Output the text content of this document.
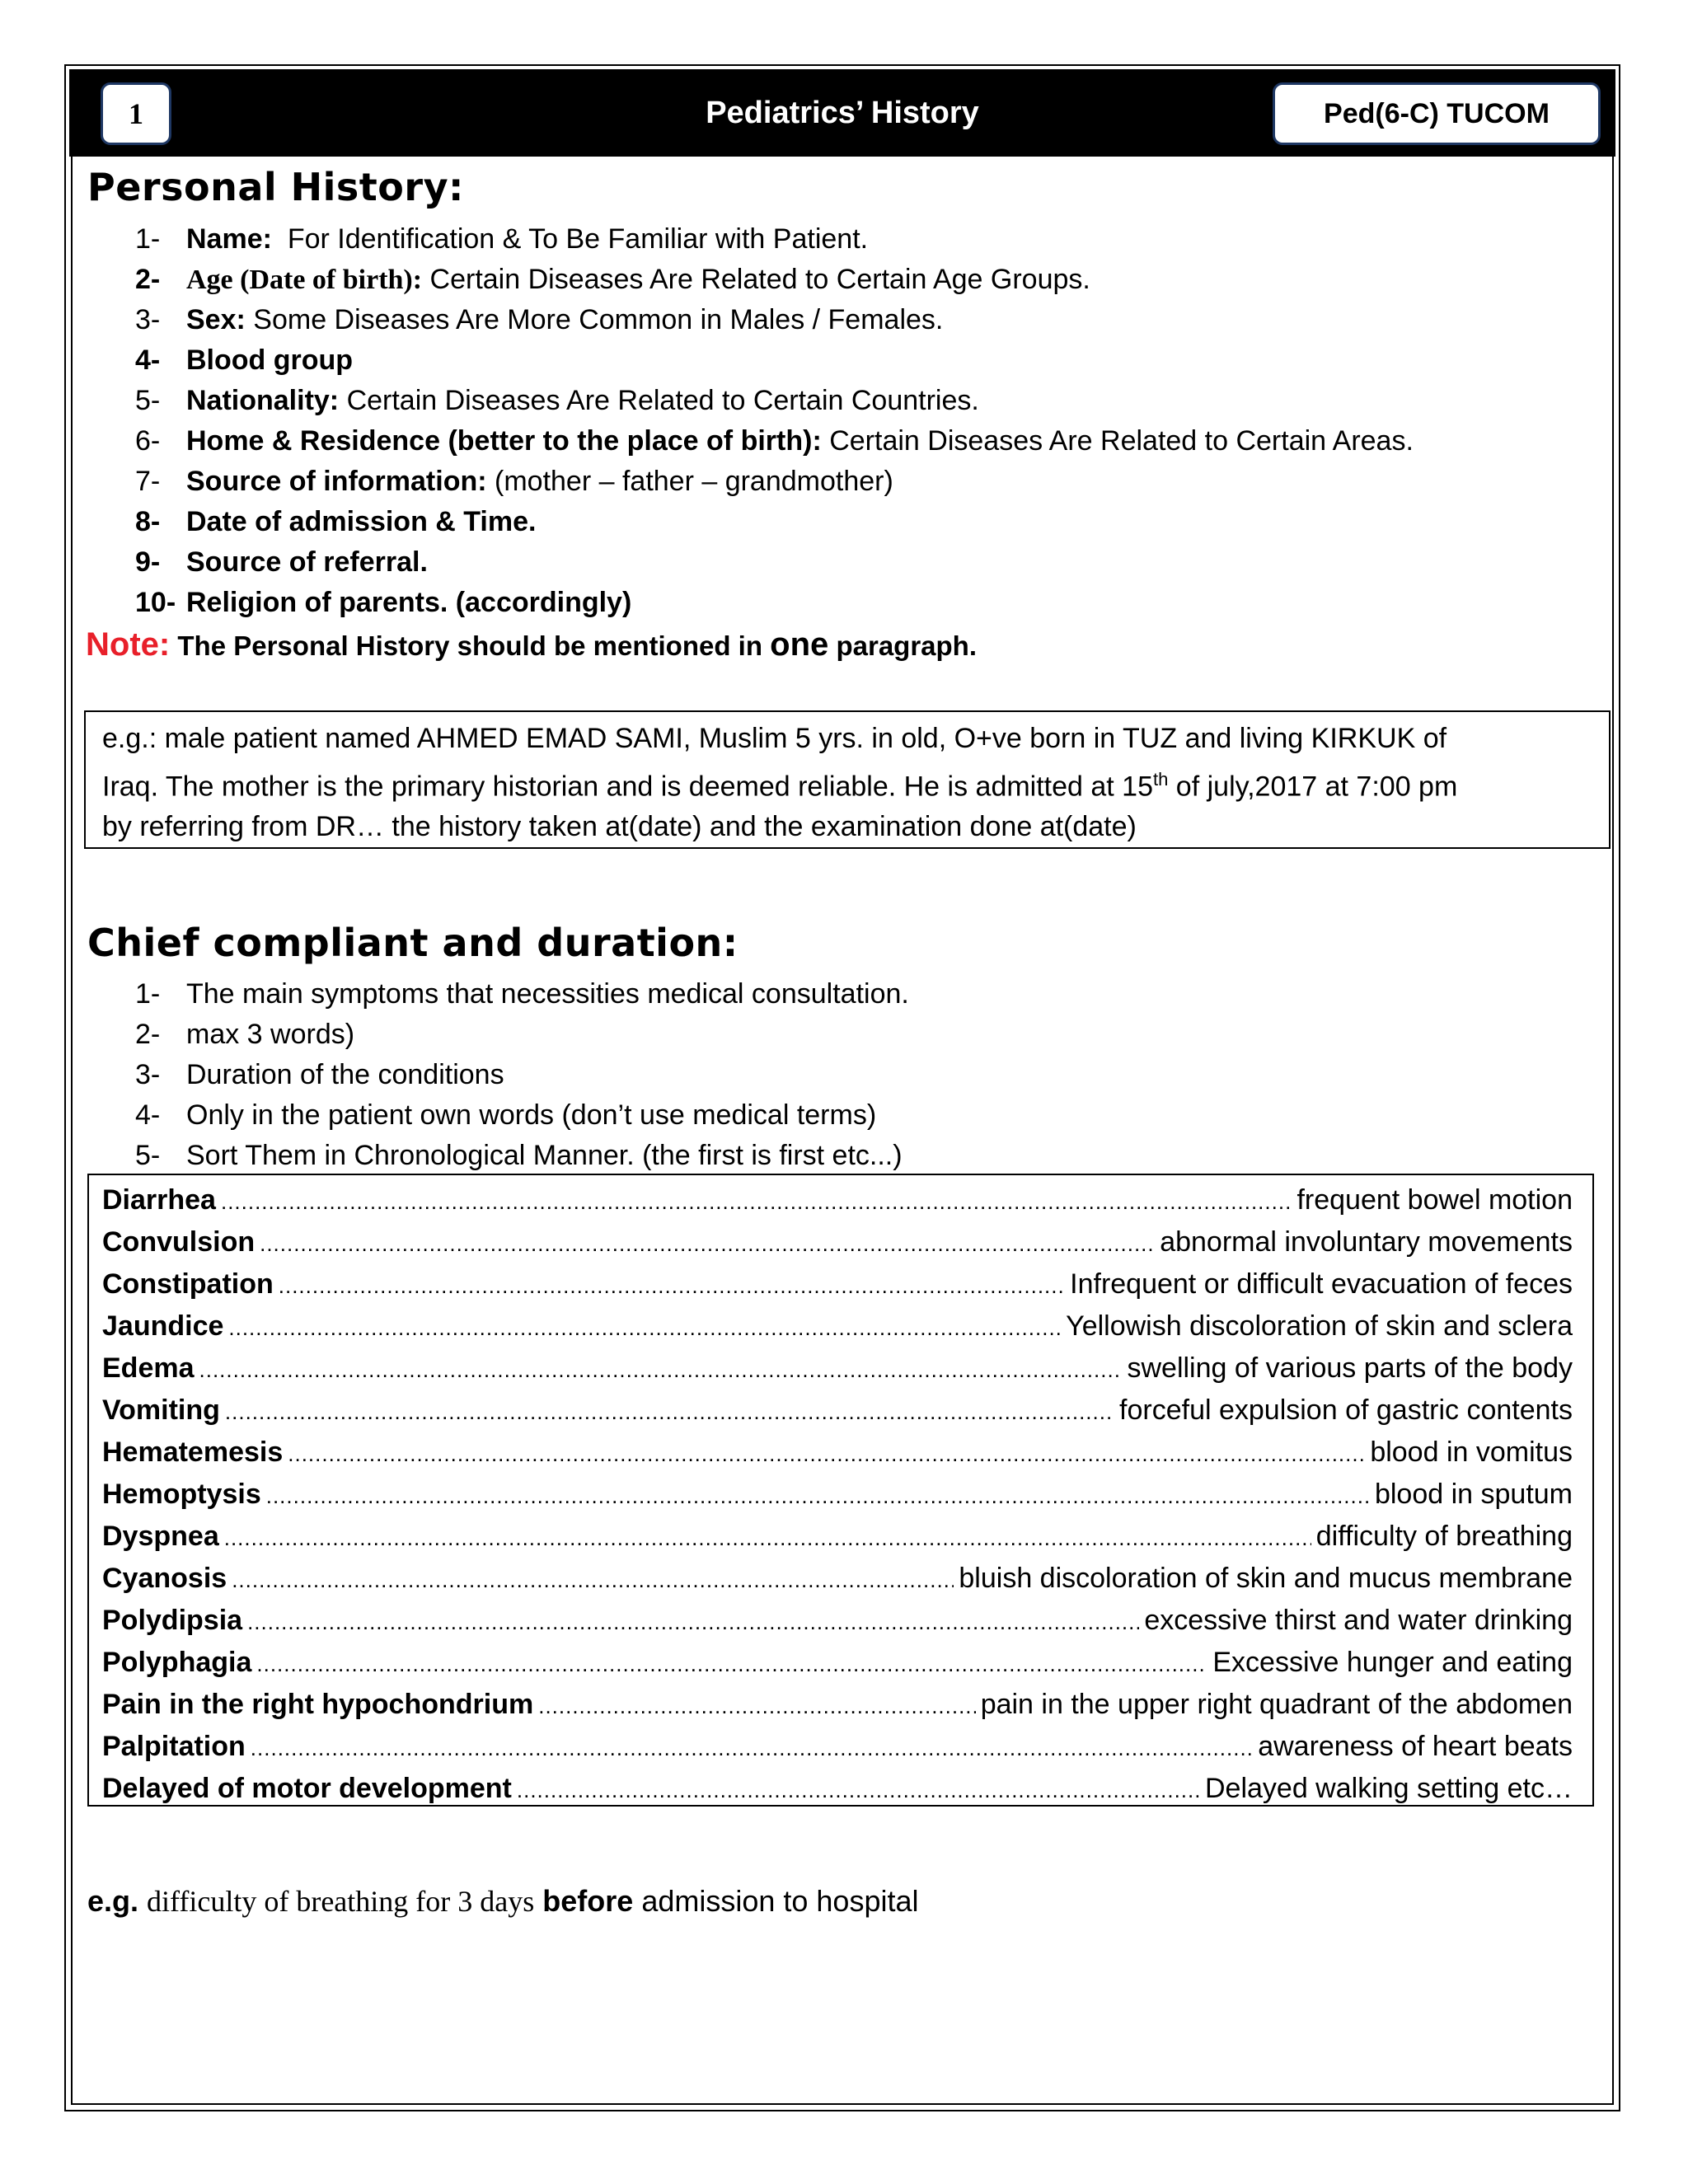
1	Pediatrics’ History	Ped(6-C) TUCOM
Personal History:
1- Name: For Identification & To Be Familiar with Patient.
2- Age (Date of birth): Certain Diseases Are Related to Certain Age Groups.
3- Sex: Some Diseases Are More Common in Males / Females.
4- Blood group
5- Nationality: Certain Diseases Are Related to Certain Countries.
6- Home & Residence (better to the place of birth): Certain Diseases Are Related to Certain Areas.
7- Source of information: (mother – father – grandmother)
8- Date of admission & Time.
9- Source of referral.
10- Religion of parents. (accordingly)
Note: The Personal History should be mentioned in one paragraph.

e.g.: male patient named AHMED EMAD SAMI, Muslim 5 yrs. in old, O+ve born in TUZ and living KIRKUK of

Iraq. The mother is the primary historian and is deemed reliable. He is admitted at 15th of july,2017 at 7:00 pm

by referring from DR… the history taken at(date) and the examination done at(date)

Chief compliant and duration:
1- The main symptoms that necessities medical consultation.
2- max 3 words)
3- Duration of the conditions
4- Only in the patient own words (don’t use medical terms)
5- Sort Them in Chronological Manner. (the first is first etc...)
Diarrhea .....	frequent bowel motion
Convulsion .....	abnormal involuntary movements
Constipation .....	Infrequent or difficult evacuation of feces
Jaundice .....	Yellowish discoloration of skin and sclera
Edema .....	swelling of various parts of the body
Vomiting .....	forceful expulsion of gastric contents
Hematemesis .....	blood in vomitus
Hemoptysis .....	blood in sputum
Dyspnea .....	difficulty of breathing
Cyanosis .....	bluish discoloration of skin and mucus membrane
Polydipsia .....	excessive thirst and water drinking
Polyphagia .....	Excessive hunger and eating
Pain in the right hypochondrium .....	pain in the upper right quadrant of the abdomen
Palpitation .....	awareness of heart beats
Delayed of motor development .....	Delayed walking setting etc…
e.g. difficulty of breathing for 3 days before admission to hospital
